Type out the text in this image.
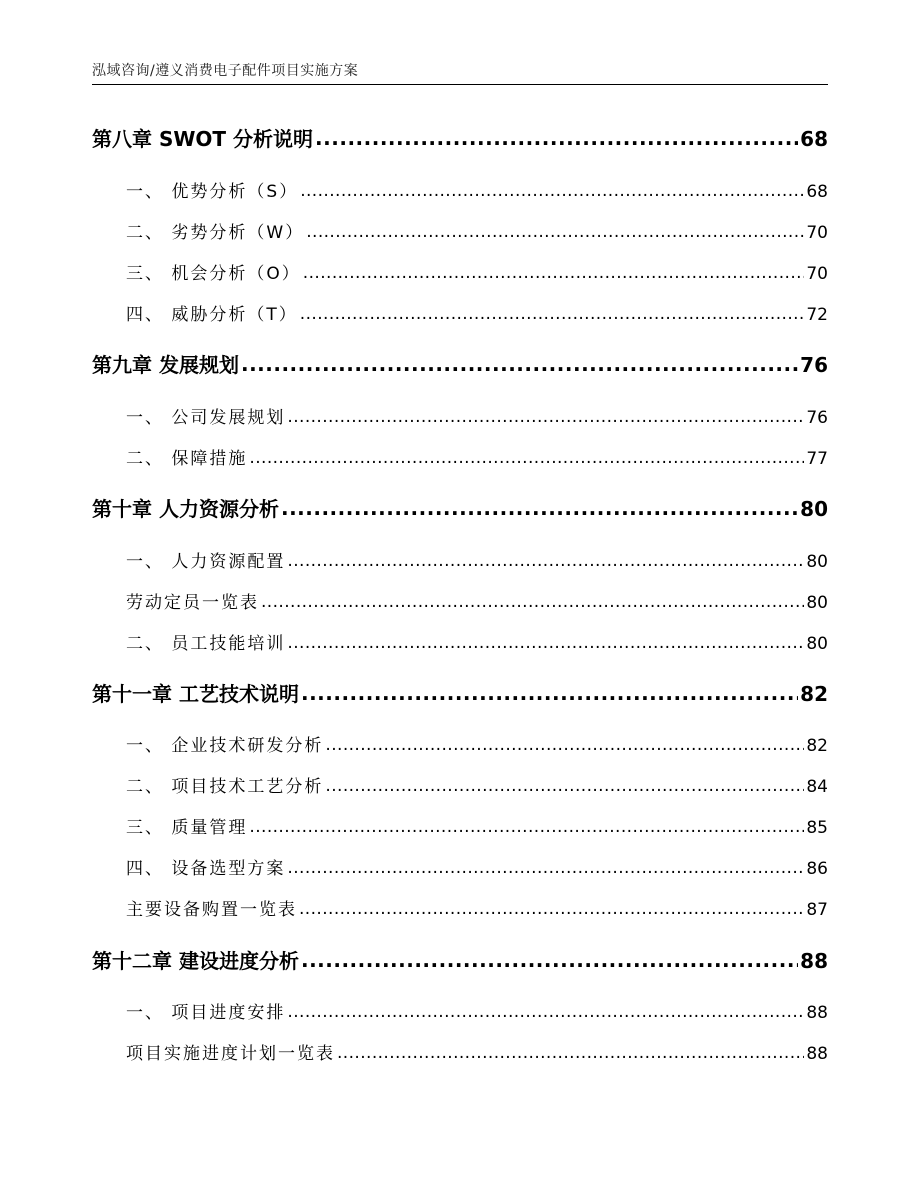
泓域咨询/遵义消费电子配件项目实施方案
第八章 SWOT 分析说明 .....	68
一、 优势分析（S） .....	68
二、 劣势分析（W） .....	70
三、 机会分析（O） .....	70
四、 威胁分析（T） .....	72
第九章 发展规划 .....	76
一、 公司发展规划 .....	76
二、 保障措施 .....	77
第十章 人力资源分析 .....	80
一、 人力资源配置 .....	80
劳动定员一览表 .....	80
二、 员工技能培训 .....	80
第十一章 工艺技术说明 .....	82
一、 企业技术研发分析 .....	82
二、 项目技术工艺分析 .....	84
三、 质量管理 .....	85
四、 设备选型方案 .....	86
主要设备购置一览表 .....	87
第十二章 建设进度分析 .....	88
一、 项目进度安排 .....	88
项目实施进度计划一览表 .....	88
